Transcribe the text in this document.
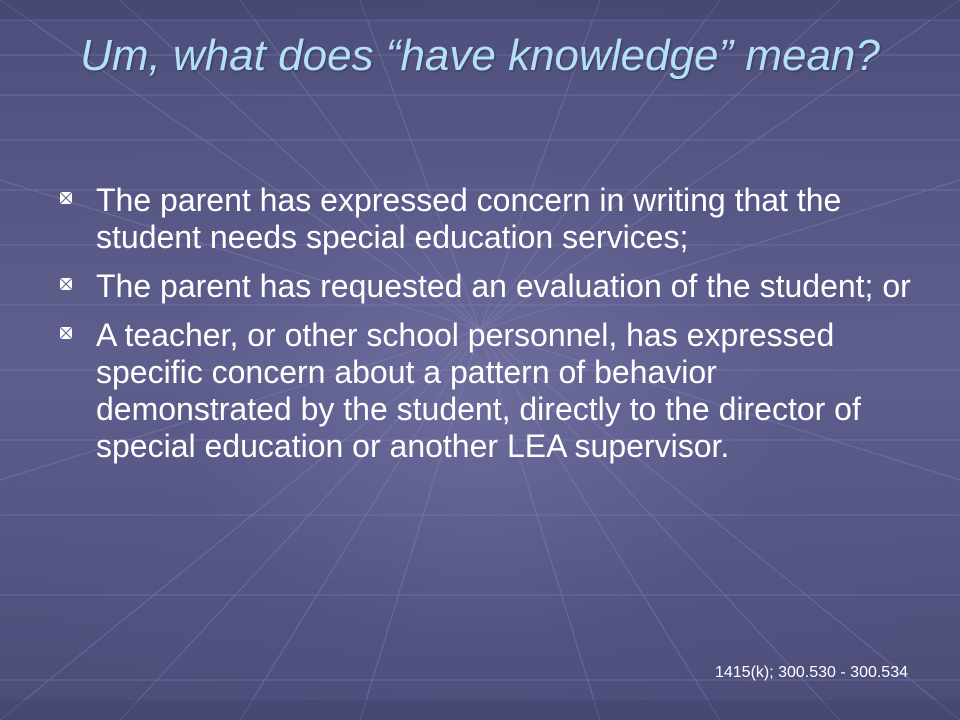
Um, what does “have knowledge” mean?
The parent has expressed concern in writing that the student needs special education services;
The parent has requested an evaluation of the student; or
A teacher, or other school personnel, has expressed specific concern about a pattern of behavior demonstrated by the student, directly to the director of special education or another LEA supervisor.
1415(k); 300.530 - 300.534
